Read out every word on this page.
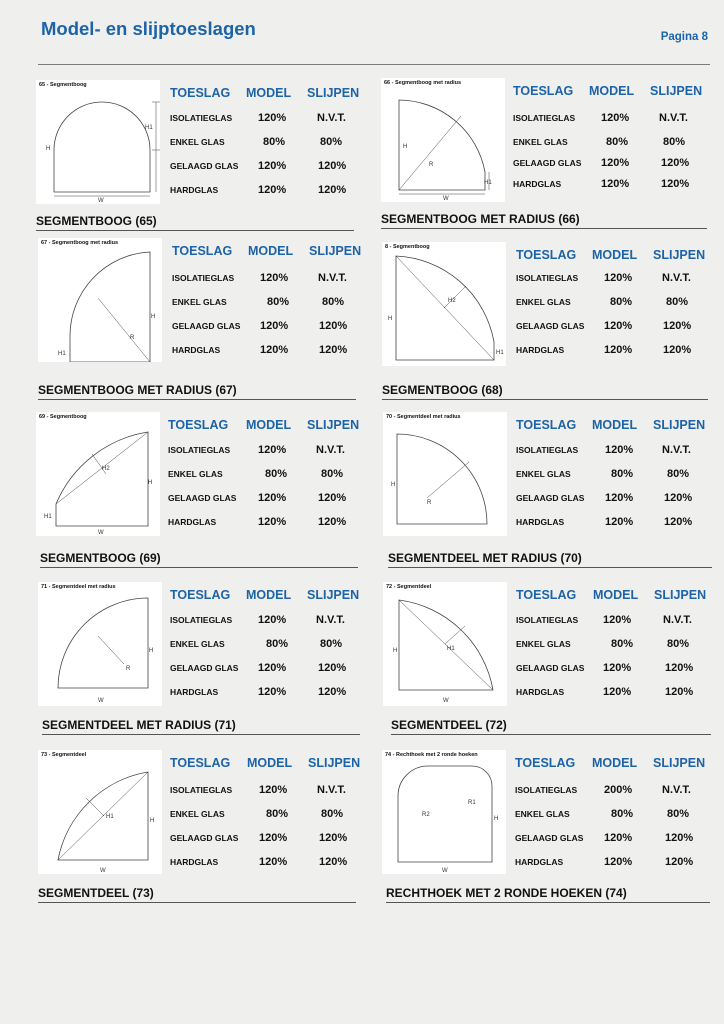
Model- en slijptoeslagen	Pagina 8
65 - Segmentboog
H1
H
W
TOESLAG MODEL SLIJPEN
ISOLATIEGLAS 120%	N.V.T.
ENKEL GLAS	80%	80%
GELAAGD GLAS 120%	120%
HARDGLAS	120%	120%
SEGMENTBOOG (65)
66 - Segmentboog met radius
R
H
H1
W
TOESLAG MODEL SLIJPEN
ISOLATIEGLAS 120%	N.V.T.
ENKEL GLAS	80%	80%
GELAAGD GLAS 120%	120%
HARDGLAS	120%	120%
SEGMENTBOOG MET RADIUS (66)
67 - Segmentboog met radius
R
H
H1
TOESLAG MODEL SLIJPEN
ISOLATIEGLAS 120%	N.V.T.
ENKEL GLAS	80%	80%
GELAAGD GLAS 120%	120%
HARDGLAS	120%	120%
SEGMENTBOOG MET RADIUS (67)
8 - Segmentboog
H2
H
H1
TOESLAG MODEL SLIJPEN
ISOLATIEGLAS 120%	N.V.T.
ENKEL GLAS	80%	80%
GELAAGD GLAS 120%	120%
HARDGLAS	120%	120%
SEGMENTBOOG (68)
69 - Segmentboog
H2
H
H1
W
TOESLAG MODEL SLIJPEN
ISOLATIEGLAS	120%	N.V.T.
ENKEL GLAS	80%	80%
GELAAGD GLAS 120%	120%
HARDGLAS	120%	120%
SEGMENTBOOG (69)
70 - Segmentdeel met radius
R
H
TOESLAG MODEL SLIJPEN
ISOLATIEGLAS 120%	N.V.T.
ENKEL GLAS	80%	80%
GELAAGD GLAS 120%	120%
HARDGLAS	120%	120%
SEGMENTDEEL MET RADIUS (70)
71 - Segmentdeel met radius
R
H
W
TOESLAG MODEL SLIJPEN
ISOLATIEGLAS 120%	N.V.T.
ENKEL GLAS	80%	80%
GELAAGD GLAS 120%	120%
HARDGLAS	120%	120%
SEGMENTDEEL MET RADIUS (71)
72 - Segmentdeel
H1
H
W
TOESLAG MODEL SLIJPEN
ISOLATIEGLAS 120%	N.V.T.
ENKEL GLAS	80%	80%
GELAAGD GLAS 120%	120%
HARDGLAS	120%	120%
SEGMENTDEEL (72)
73 - Segmentdeel
H1
H
W
TOESLAG MODEL SLIJPEN
ISOLATIEGLAS 120%	N.V.T.
ENKEL GLAS	80%	80%
GELAAGD GLAS 120%	120%
HARDGLAS	120%	120%
SEGMENTDEEL (73)
74 - Rechthoek met 2 ronde hoeken
R2
R1
H
W
TOESLAG MODEL SLIJPEN
ISOLATIEGLAS 200%	N.V.T.
ENKEL GLAS	80%	80%
GELAAGD GLAS 120%	120%
HARDGLAS	120%	120%
RECHTHOEK MET 2 RONDE HOEKEN (74)
